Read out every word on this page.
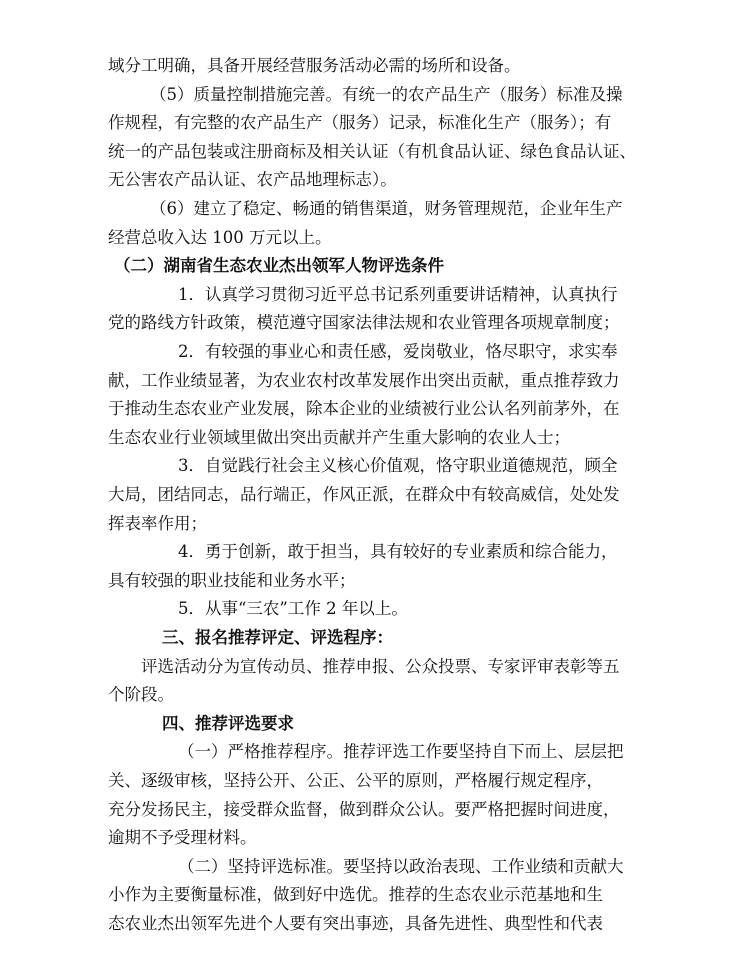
域分工明确，具备开展经营服务活动必需的场所和设备。
（5）质量控制措施完善。有统一的农产品生产（服务）标准及操
作规程，有完整的农产品生产（服务）记录，标准化生产（服务）；有
统一的产品包装或注册商标及相关认证（有机食品认证、绿色食品认证、
无公害农产品认证、农产品地理标志）。
（6）建立了稳定、畅通的销售渠道，财务管理规范，企业年生产
经营总收入达 100 万元以上。
（二）湖南省生态农业杰出领军人物评选条件
1．认真学习贯彻习近平总书记系列重要讲话精神，认真执行
党的路线方针政策，模范遵守国家法律法规和农业管理各项规章制度；
2．有较强的事业心和责任感，爱岗敬业，恪尽职守，求实奉
献，工作业绩显著，为农业农村改革发展作出突出贡献，重点推荐致力
于推动生态农业产业发展，除本企业的业绩被行业公认名列前茅外，在
生态农业行业领域里做出突出贡献并产生重大影响的农业人士；
3．自觉践行社会主义核心价值观，恪守职业道德规范，顾全
大局，团结同志，品行端正，作风正派，在群众中有较高威信，处处发
挥表率作用；
4．勇于创新，敢于担当，具有较好的专业素质和综合能力，
具有较强的职业技能和业务水平；
5．从事“三农”工作 2 年以上。
三、报名推荐评定、评选程序：
评选活动分为宣传动员、推荐申报、公众投票、专家评审表彰等五
个阶段。
四、推荐评选要求
（一）严格推荐程序。推荐评选工作要坚持自下而上、层层把
关、逐级审核，坚持公开、公正、公平的原则，严格履行规定程序，
充分发扬民主，接受群众监督，做到群众公认。要严格把握时间进度，
逾期不予受理材料。
（二）坚持评选标准。要坚持以政治表现、工作业绩和贡献大
小作为主要衡量标准，做到好中选优。推荐的生态农业示范基地和生
态农业杰出领军先进个人要有突出事迹，具备先进性、典型性和代表
